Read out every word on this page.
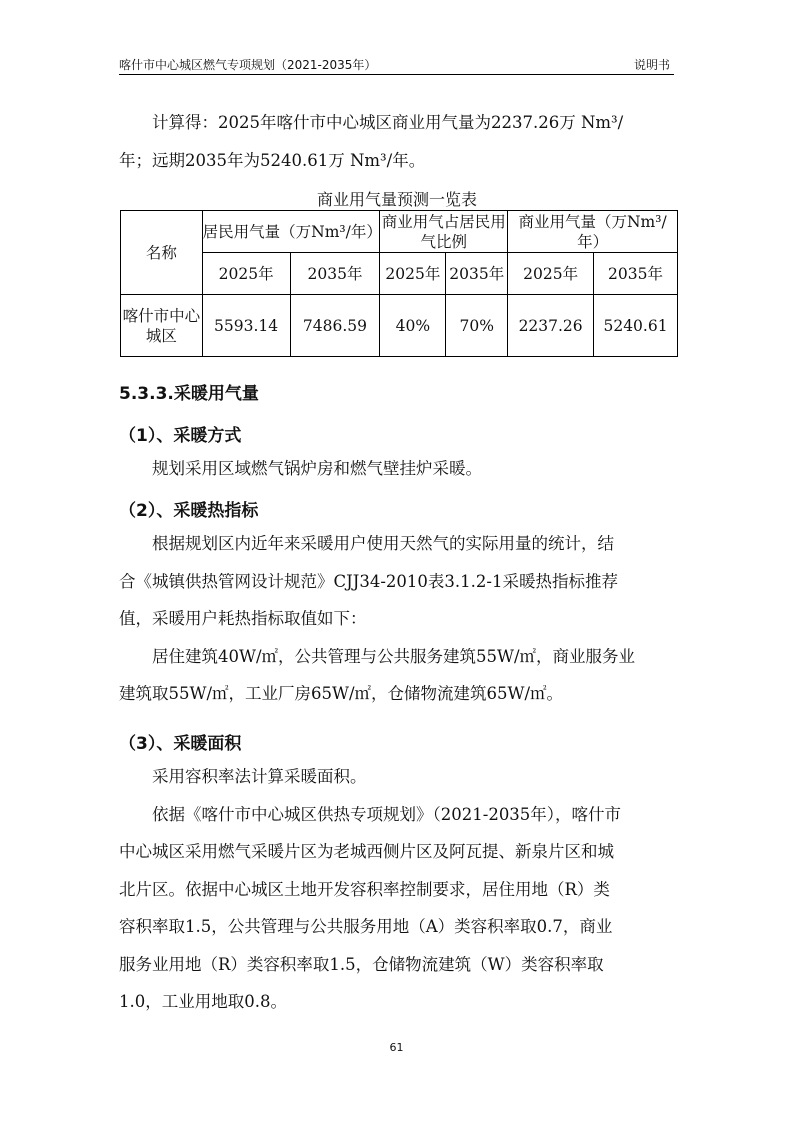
喀什市中心城区燃气专项规划（2021-2035年）	说明书
计算得：2025年喀什市中心城区商业用气量为2237.26万 Nm³/
年；远期2035年为5240.61万 Nm³/年。
商业用气量预测一览表
名称	居民用气量（万Nm³/年）		商业用气占居民用气比例		商业用气量（万Nm³/年）	
	2025年	2035年	2025年	2035年	2025年	2035年
喀什市中心城区	5593.14	7486.59	40%	70%	2237.26	5240.61
5.3.3.采暖用气量
（1）、采暖方式
规划采用区域燃气锅炉房和燃气壁挂炉采暖。
（2）、采暖热指标
根据规划区内近年来采暖用户使用天然气的实际用量的统计，结
合《城镇供热管网设计规范》CJJ34-2010表3.1.2-1采暖热指标推荐
值，采暖用户耗热指标取值如下：
居住建筑40W/㎡，公共管理与公共服务建筑55W/㎡，商业服务业
建筑取55W/㎡，工业厂房65W/㎡，仓储物流建筑65W/㎡。
（3）、采暖面积
采用容积率法计算采暖面积。
依据《喀什市中心城区供热专项规划》（2021-2035年），喀什市
中心城区采用燃气采暖片区为老城西侧片区及阿瓦提、新泉片区和城
北片区。依据中心城区土地开发容积率控制要求，居住用地（R）类
容积率取1.5，公共管理与公共服务用地（A）类容积率取0.7，商业
服务业用地（R）类容积率取1.5，仓储物流建筑（W）类容积率取
1.0，工业用地取0.8。
61
